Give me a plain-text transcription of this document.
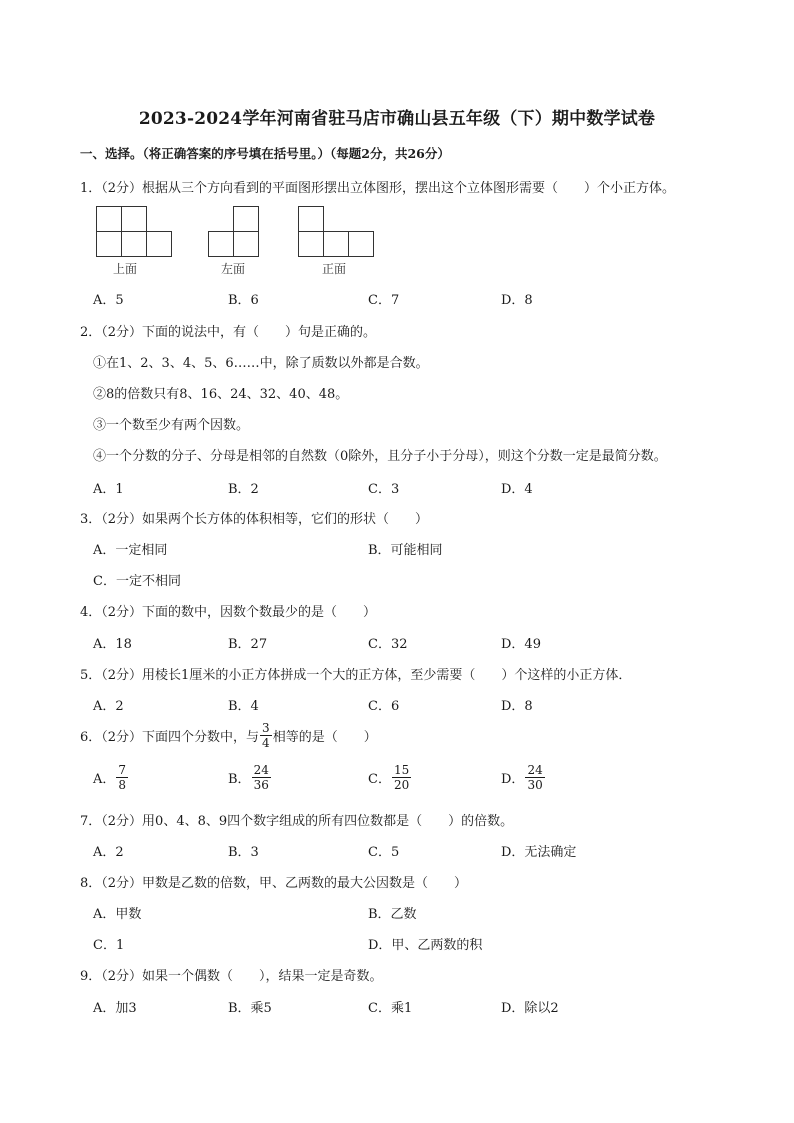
2023-2024学年河南省驻马店市确山县五年级（下）期中数学试卷
一、选择。（将正确答案的序号填在括号里。）（每题2分，共26分）
1．（2分）根据从三个方向看到的平面图形摆出立体图形，摆出这个立体图形需要（　　）个小正方体。
上面	左面	正面
A．5	B．6	C．7	D．8
2．（2分）下面的说法中，有（　　）句是正确的。
①在1、2、3、4、5、6……中，除了质数以外都是合数。
②8的倍数只有8、16、24、32、40、48。
③一个数至少有两个因数。
④一个分数的分子、分母是相邻的自然数（0除外，且分子小于分母），则这个分数一定是最简分数。
A．1	B．2	C．3	D．4
3．（2分）如果两个长方体的体积相等，它们的形状（　　）
A．一定相同	B．可能相同
C．一定不相同
4．（2分）下面的数中，因数个数最少的是（　　）
A．18	B．27	C．32	D．49
5．（2分）用棱长1厘米的小正方体拼成一个大的正方体，至少需要（　　）个这样的小正方体．
A．2	B．4	C．6	D．8
6．（2分）下面四个分数中，与 $\frac{3}{4}$ 相等的是（　　）
A． $\frac{7}{8}$	B． $\frac{24}{36}$	C． $\frac{15}{20}$	D． $\frac{24}{30}$
7．（2分）用0、4、8、9四个数字组成的所有四位数都是（　　）的倍数。
A．2	B．3	C．5	D．无法确定
8．（2分）甲数是乙数的倍数，甲、乙两数的最大公因数是（　　）
A．甲数	B．乙数
C．1	D．甲、乙两数的积
9．（2分）如果一个偶数（　　），结果一定是奇数。
A．加3	B．乘5	C．乘1	D．除以2
